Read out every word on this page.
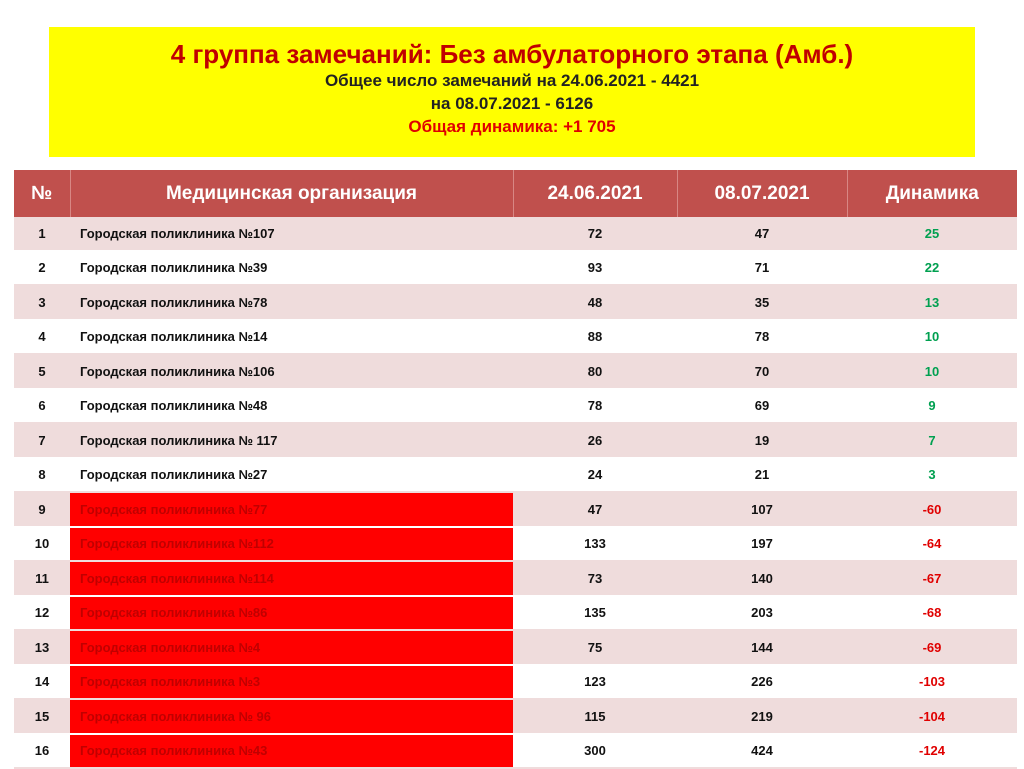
4 группа замечаний: Без амбулаторного этапа (Амб.)
Общее число замечаний на 24.06.2021 - 4421
на 08.07.2021 - 6126
Общая динамика: +1 705
№	Медицинская организация	24.06.2021	08.07.2021	Динамика
1	Городская поликлиника №107	72	47	25
2	Городская поликлиника №39	93	71	22
3	Городская поликлиника №78	48	35	13
4	Городская поликлиника №14	88	78	10
5	Городская поликлиника №106	80	70	10
6	Городская поликлиника №48	78	69	9
7	Городская поликлиника № 117	26	19	7
8	Городская поликлиника №27	24	21	3
9	Городская поликлиника №77	47	107	-60
10	Городская поликлиника №112	133	197	-64
11	Городская поликлиника №114	73	140	-67
12	Городская поликлиника №86	135	203	-68
13	Городская поликлиника №4	75	144	-69
14	Городская поликлиника №3	123	226	-103
15	Городская поликлиника № 96	115	219	-104
16	Городская поликлиника №43	300	424	-124
